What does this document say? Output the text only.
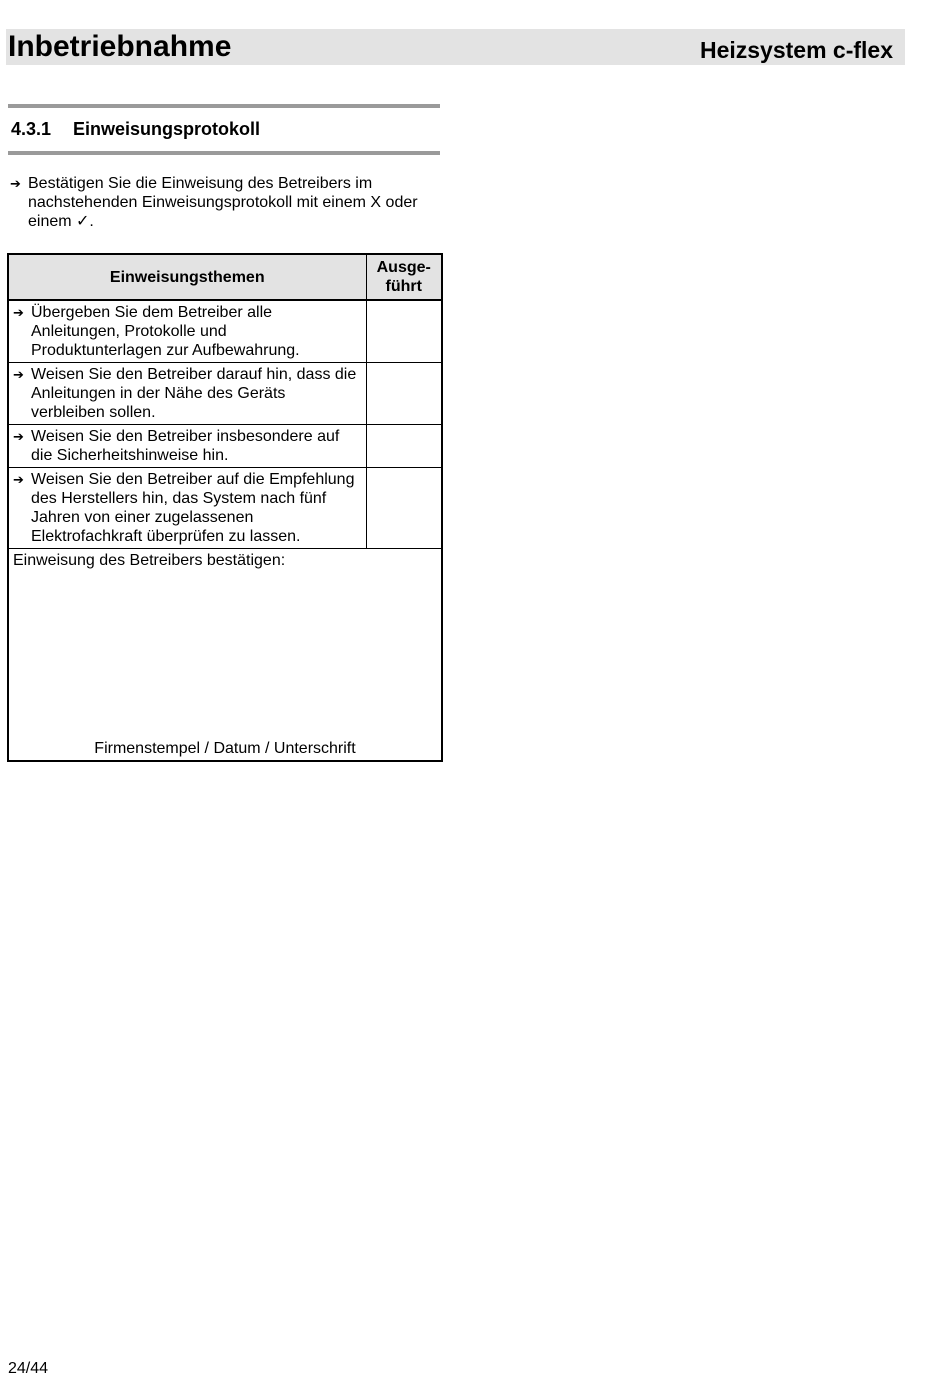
Inbetriebnahme	Heizsystem c-flex
4.3.1 Einweisungsprotokoll
➔ Bestätigen Sie die Einweisung des Betreibers im nachstehenden Einweisungsprotokoll mit einem X oder einem ✓.
Einweisungsthemen	Ausge-führt

➔ Übergeben Sie dem Betreiber alle Anleitungen, Protokolle und Produktunterlagen zur Aufbewahrung.	

➔ Weisen Sie den Betreiber darauf hin, dass die Anleitungen in der Nähe des Geräts verbleiben sollen.	

➔ Weisen Sie den Betreiber insbesondere auf die Sicherheitshinweise hin.	

➔ Weisen Sie den Betreiber auf die Empfehlung des Herstellers hin, das System nach fünf Jahren von einer zugelassenen Elektrofachkraft überprüfen zu lassen.	

Einweisung des Betreibers bestätigen:
Firmenstempel / Datum / Unterschrift	
24/44
